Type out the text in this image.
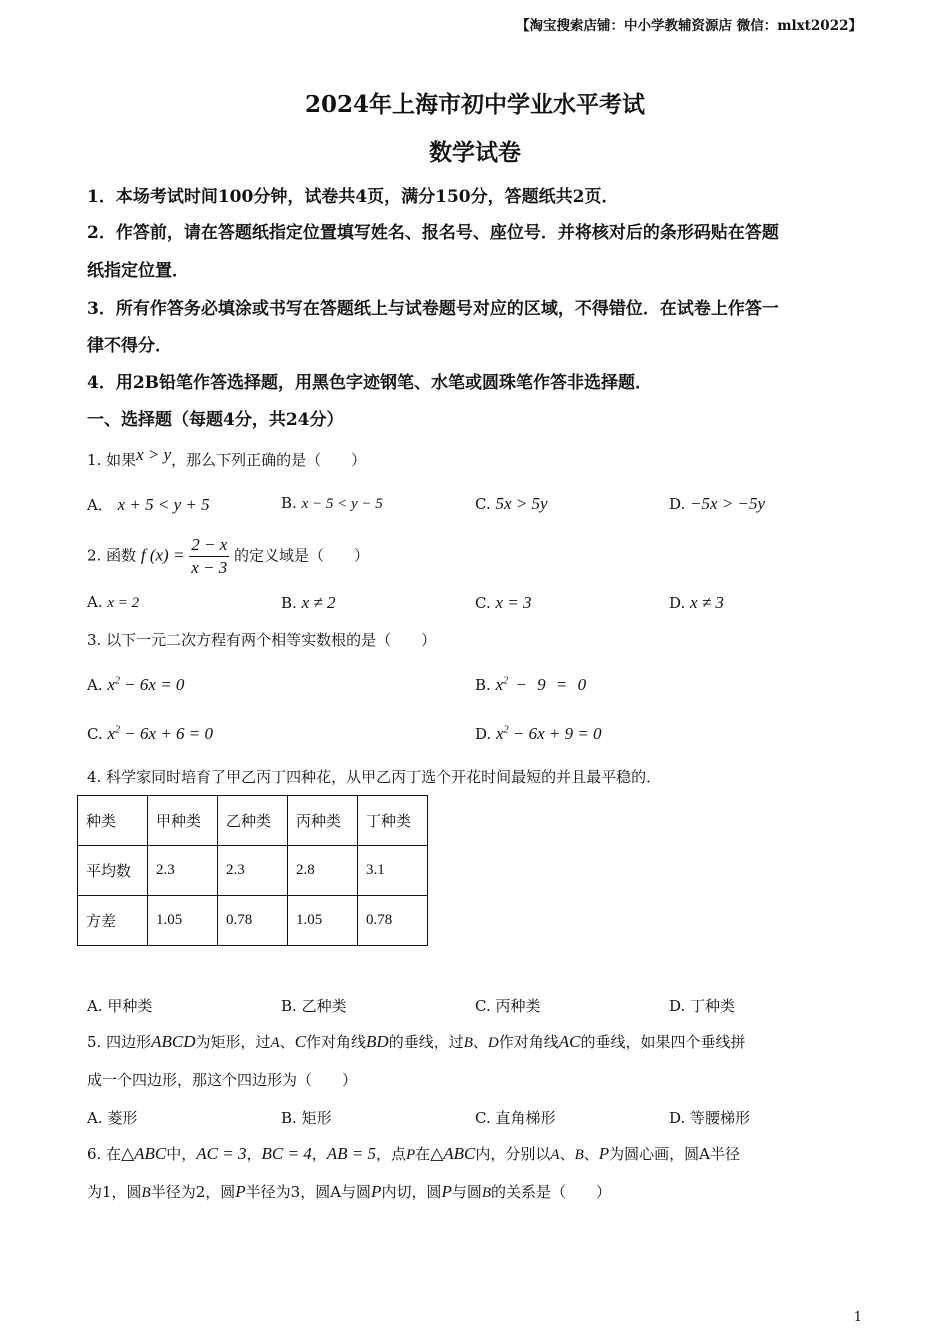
【淘宝搜索店铺：中小学教辅资源店 微信：mlxt2022】
2024年上海市初中学业水平考试
数学试卷
1．本场考试时间100分钟，试卷共4页，满分150分，答题纸共2页．
2．作答前，请在答题纸指定位置填写姓名、报名号、座位号．并将核对后的条形码贴在答题
纸指定位置．
3．所有作答务必填涂或书写在答题纸上与试卷题号对应的区域，不得错位．在试卷上作答一
律不得分．
4．用2B铅笔作答选择题，用黑色字迹钢笔、水笔或圆珠笔作答非选择题．
一、选择题（每题4分，共24分）
1. 如果x > y，那么下列正确的是（　　）
A． x + 5 < y + 5	B. x − 5 < y − 5	C. 5x > 5y	D. −5x > −5y
2. 函数 f $(x) = \frac{2 - x}{x - 3}$ 的定义域是（　　）
A. x = 2	B. x ≠ 2	C. x = 3	D. x ≠ 3
3. 以下一元二次方程有两个相等实数根的是（　　）
A. $x^2 - 6x = 0$	B. $x^2 - 9 = 0$
C. $x^2 - 6x + 6 = 0$	D. $x^2 - 6x + 9 = 0$
4. 科学家同时培育了甲乙丙丁四种花，从甲乙丙丁选个开花时间最短的并且最平稳的．
种类	甲种类	乙种类	丙种类	丁种类
平均数	2.3	2.3	2.8	3.1
方差	1.05	0.78	1.05	0.78
A. 甲种类	B. 乙种类	C. 丙种类	D. 丁种类
5. 四边形ABCD为矩形，过A、C作对角线BD的垂线，过B、D作对角线AC的垂线，如果四个垂线拼
成一个四边形，那这个四边形为（　　）
A. 菱形	B. 矩形	C. 直角梯形	D. 等腰梯形
6. 在△ABC中，AC = 3，BC = 4，AB = 5，点P在△ABC内，分别以A、B、P为圆心画，圆A半径
为1，圆B半径为2，圆P半径为3，圆A与圆P内切，圆P与圆B的关系是（　　）
1
